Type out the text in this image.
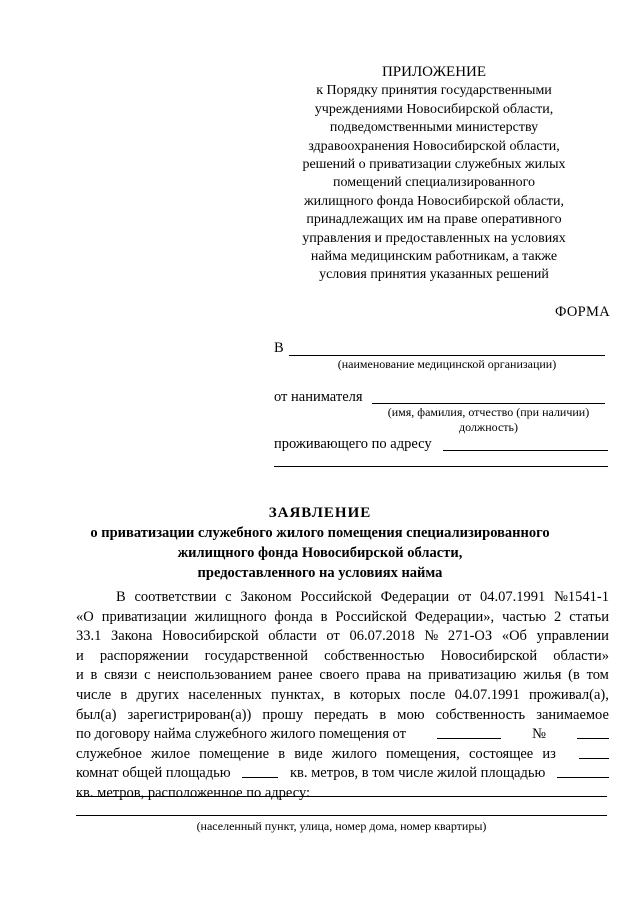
ПРИЛОЖЕНИЕ
к Порядку принятия государственными
учреждениями Новосибирской области,
подведомственными министерству
здравоохранения Новосибирской области,
решений о приватизации служебных жилых
помещений специализированного
жилищного фонда Новосибирской области,
принадлежащих им на праве оперативного
управления и предоставленных на условиях
найма медицинским работникам, а также
условия принятия указанных решений
ФОРМА
В
(наименование медицинской организации)
от нанимателя
(имя, фамилия, отчество (при наличии)
должность)
проживающего по адресу
ЗАЯВЛЕНИЕ
о приватизации служебного жилого помещения специализированного
жилищного фонда Новосибирской области,
предоставленного на условиях найма
В соответствии с Законом Российской Федерации от 04.07.1991 №1541-1
«О приватизации жилищного фонда в Российской Федерации», частью 2 статьи
33.1 Закона Новосибирской области от 06.07.2018 № 271-ОЗ «Об управлении
и распоряжении государственной собственностью Новосибирской области»
и в связи с неиспользованием ранее своего права на приватизацию жилья (в том
числе в других населенных пунктах, в которых после 04.07.1991 проживал(а),
был(а) зарегистрирован(а)) прошу передать в мою собственность занимаемое
по договору найма служебного жилого помещения от	№
служебное жилое помещение в виде жилого помещения, состоящее из
комнат общей площадью	кв. метров, в том числе жилой площадью
кв. метров, расположенное по адресу:
(населенный пункт, улица, номер дома, номер квартиры)
